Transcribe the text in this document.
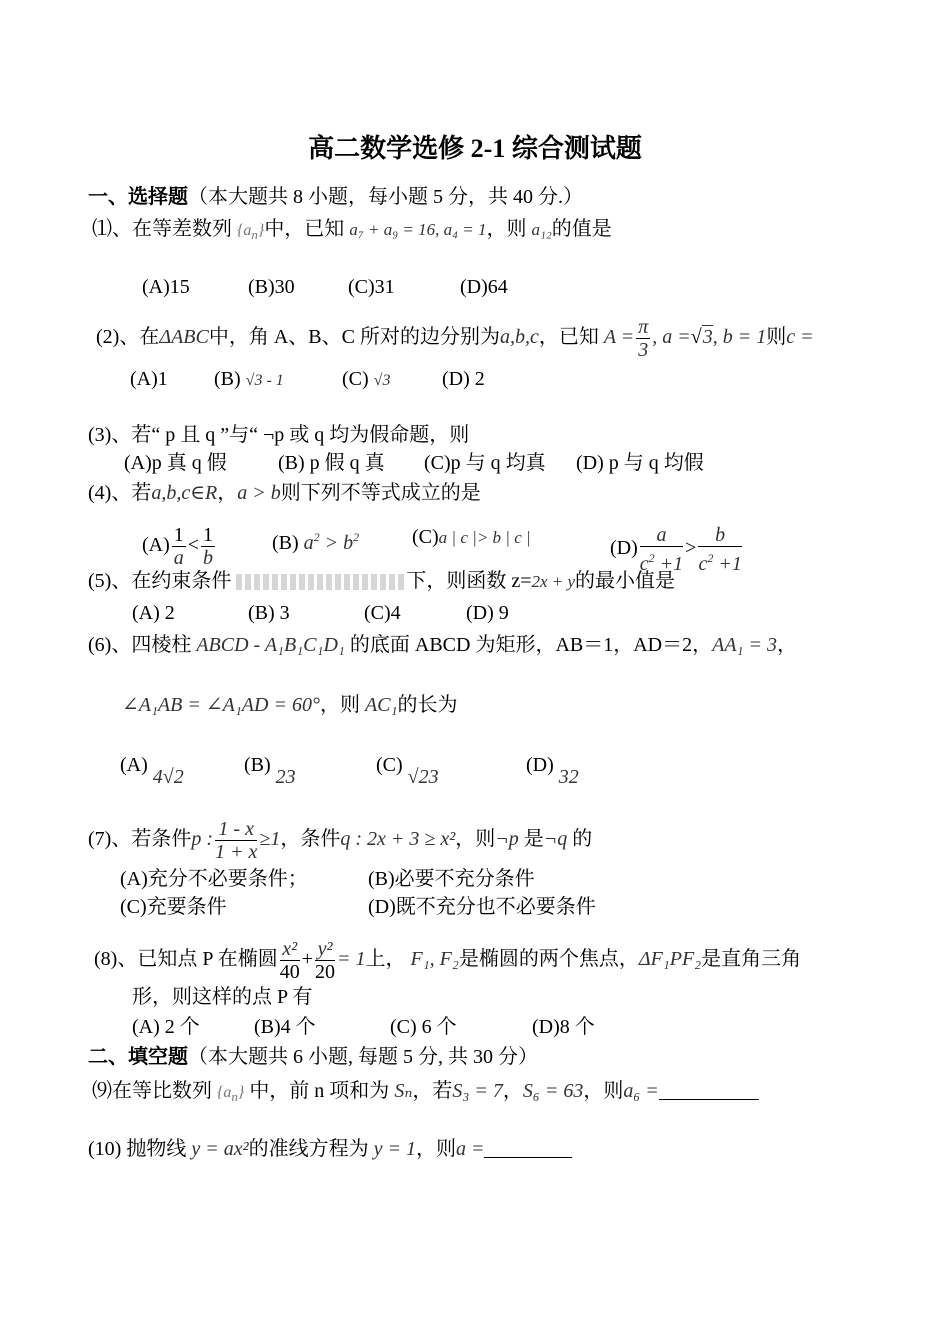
高二数学选修 2-1 综合测试题
一、选择题（本大题共 8 小题，每小题 5 分，共 40 分.）
⑴、在等差数列 $\{a_n\}$中，已知 a₇ + a₉ = 16, a₄ = 1，则 a₁₂的值是
(A)15	(B)30	(C)31	(D)64
(2)、在ΔABC中，角 A、B、C 所对的边分别为a,b,c，已知 $A = \frac{\pi}{3}$ , a =√3, b = 1则c =
(A)1 (B) √3 - 1	(C) √3	(D) 2
(3)、若“ p 且 q ”与“ ¬p 或 q 均为假命题，则
(A)p 真 q 假	(B) p 假 q 真 (C)p 与 q 均真 (D) p 与 q 均假
(4)、若a,b,c∈R，a > b则下列不等式成立的是
$(A) \frac{1}{a} < \frac{1}{b}$	(B) $a^2 > b^2$	(C)a | c |> b | c |	$(D) \frac{a}{c^2 +1} > \frac{b}{c^2 +1}$
(5)、在约束条件	下，则函数 z=2x + y的最小值是
(A) 2	(B) 3	(C)4	(D) 9
(6)、四棱柱 ABCD - A₁B₁C₁D₁ 的底面 ABCD 为矩形，AB＝1，AD＝2，AA₁ = 3，
∠A₁AB = ∠A₁AD = 60°，则 AC₁的长为
(A) 4√2
(B) 23
(C) √23
(D) 32
(7)、若条件p : $\frac{1 - x}{1 + x} \ge 1$，条件q : 2x + 3 ≥ x²，则¬p 是¬q 的
(A)充分不必要条件；	(B)必要不充分条件
(C)充要条件	(D)既不充分也不必要条件
(8)、已知点 P 在椭圆 $\frac{\text{x²}}{40} + \frac{\text{y²}}{20} = 1$上， F₁, F₂是椭圆的两个焦点，ΔF₁PF₂是直角三角
形，则这样的点 P 有
(A) 2 个	(B)4 个	(C) 6 个	(D)8 个
二、填空题（本大题共 6 小题, 每题 5 分, 共 30 分）
⑼在等比数列 $\{a_n\}$ 中，前 n 项和为 Sₙ，若S₃ = 7，S₆ = 63，则a₆ =
(10) 抛物线 y = ax²的准线方程为 y = 1，则a =
